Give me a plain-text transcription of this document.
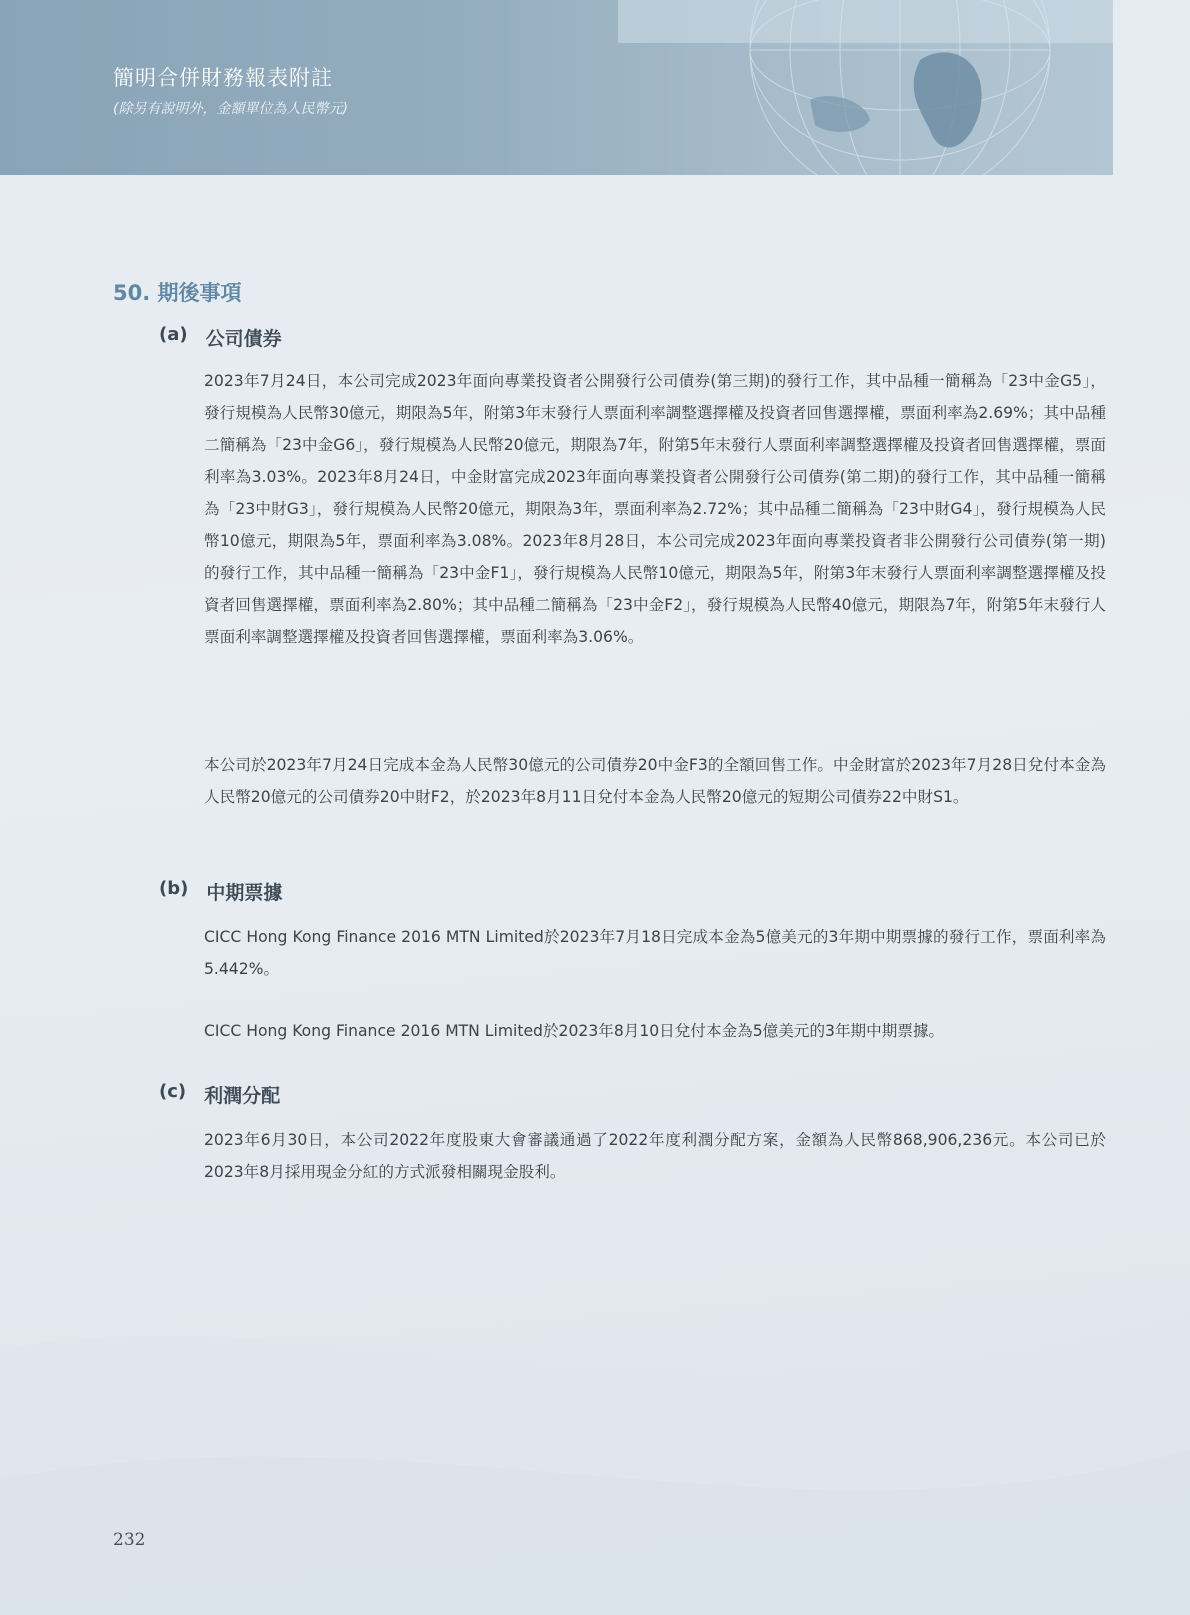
簡明合併財務報表附註
(除另有說明外，金額單位為人民幣元)
50. 期後事項
(a) 公司債券

2023年7月24日，本公司完成2023年面向專業投資者公開發行公司債券(第三期)的發行工作，其中品種一簡稱為「23中金G5」，發行規模為人民幣30億元，期限為5年，附第3年末發行人票面利率調整選擇權及投資者回售選擇權，票面利率為2.69%；其中品種二簡稱為「23中金G6」，發行規模為人民幣20億元，期限為7年，附第5年末發行人票面利率調整選擇權及投資者回售選擇權，票面利率為3.03%。2023年8月24日，中金財富完成2023年面向專業投資者公開發行公司債券(第二期)的發行工作，其中品種一簡稱為「23中財G3」，發行規模為人民幣20億元，期限為3年，票面利率為2.72%；其中品種二簡稱為「23中財G4」，發行規模為人民幣10億元，期限為5年，票面利率為3.08%。2023年8月28日，本公司完成2023年面向專業投資者非公開發行公司債券(第一期)的發行工作，其中品種一簡稱為「23中金F1」，發行規模為人民幣10億元，期限為5年，附第3年末發行人票面利率調整選擇權及投資者回售選擇權，票面利率為2.80%；其中品種二簡稱為「23中金F2」，發行規模為人民幣40億元，期限為7年，附第5年末發行人票面利率調整選擇權及投資者回售選擇權，票面利率為3.06%。

本公司於2023年7月24日完成本金為人民幣30億元的公司債券20中金F3的全額回售工作。中金財富於2023年7月28日兌付本金為人民幣20億元的公司債券20中財F2，於2023年8月11日兌付本金為人民幣20億元的短期公司債券22中財S1。

(b) 中期票據

CICC Hong Kong Finance 2016 MTN Limited於2023年7月18日完成本金為5億美元的3年期中期票據的發行工作，票面利率為5.442%。

CICC Hong Kong Finance 2016 MTN Limited於2023年8月10日兌付本金為5億美元的3年期中期票據。

(c) 利潤分配

2023年6月30日，本公司2022年度股東大會審議通過了2022年度利潤分配方案，金額為人民幣868,906,236元。本公司已於2023年8月採用現金分紅的方式派發相關現金股利。

232
